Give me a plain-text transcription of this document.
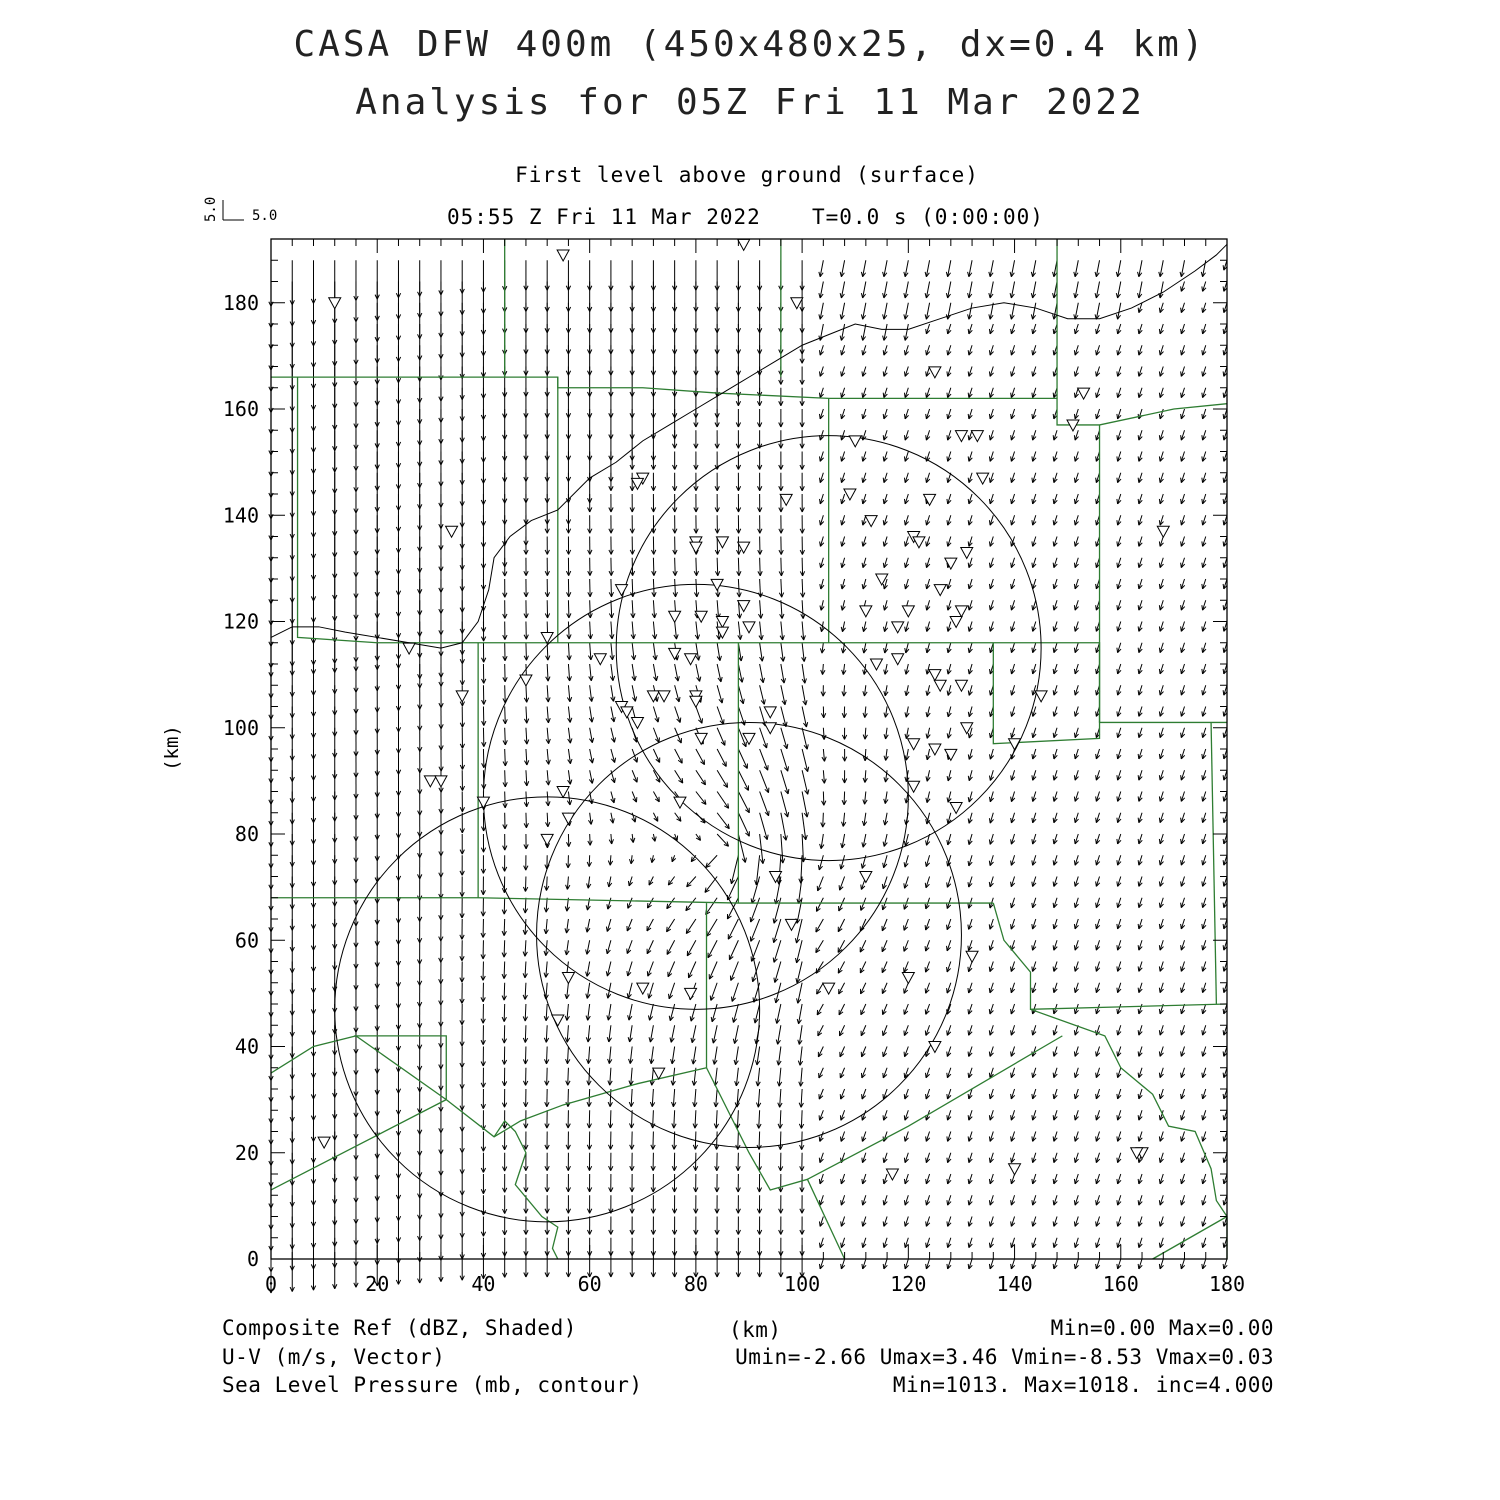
CASA DFW 400m (450x480x25, dx=0.4 km)
Analysis for 05Z Fri 11 Mar 2022
First level above ground (surface)
05:55 Z Fri 11 Mar 2022 T=0.0 s (0:00:00)
5.0 5.0
(km)
0	20	40	60	80	100	120	140	160	180
0
20
40
60
80
100
120
140
160
180
Composite Ref (dBZ, Shaded)	(km)	Min=0.00 Max=0.00
U-V (m/s, Vector)	Umin=-2.66 Umax=3.46 Vmin=-8.53 Vmax=0.03
Sea Level Pressure (mb, contour)	Min=1013. Max=1018. inc=4.000
